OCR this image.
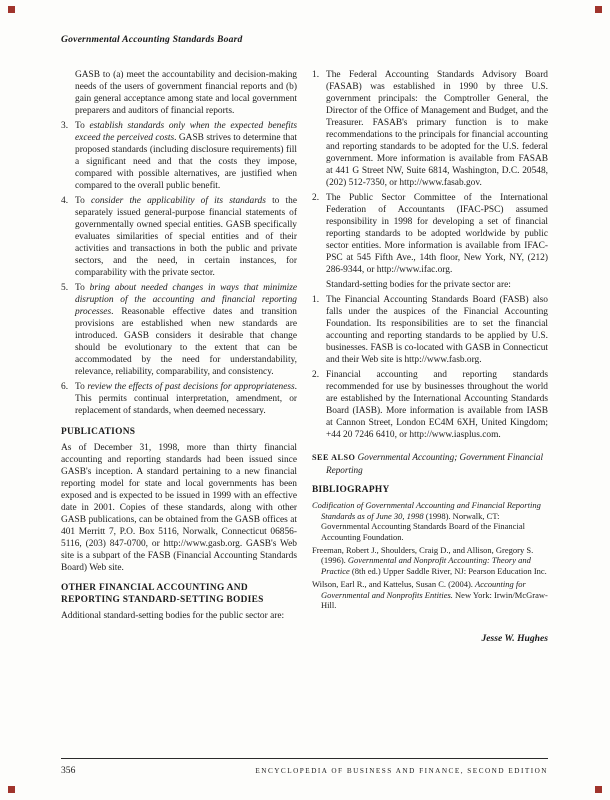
Governmental Accounting Standards Board
GASB to (a) meet the accountability and decision-making needs of the users of government financial reports and (b) gain general acceptance among state and local government preparers and auditors of financial reports.
3. To establish standards only when the expected benefits exceed the perceived costs. GASB strives to determine that proposed standards (including disclosure requirements) fill a significant need and that the costs they impose, compared with possible alternatives, are justified when compared to the overall public benefit.
4. To consider the applicability of its standards to the separately issued general-purpose financial statements of governmentally owned special entities. GASB specifically evaluates similarities of special entities and of their activities and transactions in both the public and private sectors, and the need, in certain instances, for comparability with the private sector.
5. To bring about needed changes in ways that minimize disruption of the accounting and financial reporting processes. Reasonable effective dates and transition provisions are established when new standards are introduced. GASB considers it desirable that change should be evolutionary to the extent that can be accommodated by the need for understandability, relevance, reliability, comparability, and consistency.
6. To review the effects of past decisions for appropriateness. This permits continual interpretation, amendment, or replacement of standards, when deemed necessary.
PUBLICATIONS
As of December 31, 1998, more than thirty financial accounting and reporting standards had been issued since GASB's inception. A standard pertaining to a new financial reporting model for state and local governments has been exposed and is expected to be issued in 1999 with an effective date in 2001. Copies of these standards, along with other GASB publications, can be obtained from the GASB offices at 401 Merritt 7, P.O. Box 5116, Norwalk, Connecticut 06856-5116, (203) 847-0700, or http://www.gasb.org. GASB's Web site is a subpart of the FASB (Financial Accounting Standards Board) Web site.
OTHER FINANCIAL ACCOUNTING AND REPORTING STANDARD-SETTING BODIES
Additional standard-setting bodies for the public sector are:
1. The Federal Accounting Standards Advisory Board (FASAB) was established in 1990 by three U.S. government principals: the Comptroller General, the Director of the Office of Management and Budget, and the Treasurer. FASAB's primary function is to make recommendations to the principals for financial accounting and reporting standards to be adopted for the U.S. federal government. More information is available from FASAB at 441 G Street NW, Suite 6814, Washington, D.C. 20548, (202) 512-7350, or http://www.fasab.gov.
2. The Public Sector Committee of the International Federation of Accountants (IFAC-PSC) assumed responsibility in 1998 for developing a set of financial reporting standards to be adopted worldwide by public sector entities. More information is available from IFAC-PSC at 545 Fifth Ave., 14th floor, New York, NY, (212) 286-9344, or http://www.ifac.org.
Standard-setting bodies for the private sector are:
1. The Financial Accounting Standards Board (FASB) also falls under the auspices of the Financial Accounting Foundation. Its responsibilities are to set the financial accounting and reporting standards to be applied by U.S. businesses. FASB is co-located with GASB in Connecticut and their Web site is http://www.fasb.org.
2. Financial accounting and reporting standards recommended for use by businesses throughout the world are established by the International Accounting Standards Board (IASB). More information is available from IASB at Cannon Street, London EC4M 6XH, United Kingdom; +44 20 7246 6410, or http://www.iasplus.com.
SEE ALSO Governmental Accounting; Government Financial Reporting
BIBLIOGRAPHY
Codification of Governmental Accounting and Financial Reporting Standards as of June 30, 1998 (1998). Norwalk, CT: Governmental Accounting Standards Board of the Financial Accounting Foundation.
Freeman, Robert J., Shoulders, Craig D., and Allison, Gregory S. (1996). Governmental and Nonprofit Accounting: Theory and Practice (8th ed.) Upper Saddle River, NJ: Pearson Education Inc.
Wilson, Earl R., and Kattelus, Susan C. (2004). Accounting for Governmental and Nonprofits Entities. New York: Irwin/McGraw-Hill.
Jesse W. Hughes
356	ENCYCLOPEDIA OF BUSINESS AND FINANCE, SECOND EDITION
